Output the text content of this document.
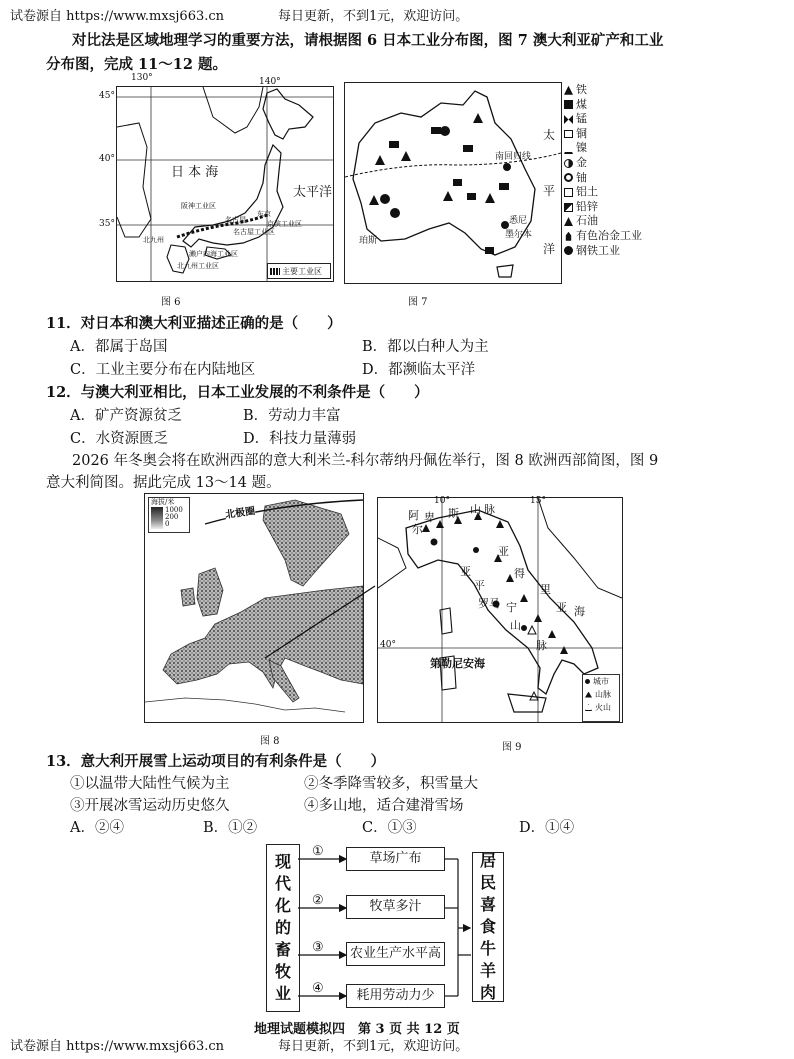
试卷源自 https://www.mxsj663.cn	每日更新，不到1元，欢迎访问。
对比法是区域地理学习的重要方法，请根据图 6 日本工业分布图，图 7 澳大利亚矿产和工业
分布图，完成 11～12 题。
130°	140°
45°
40°
35°
日 本 海
太平洋
阪神工业区
名古屋
东京
北九州
濑户内海工业区
北九州工业区
名古屋工业区
京滨工业区
主要工业区
图 6
南回归线
太
平
洋
悉尼
墨尔本
珀斯
铁
煤
锰
铜
镍
金
铀
铝土
铅锌
石油
有色冶金工业
钢铁工业
图 7
11．对日本和澳大利亚描述正确的是（　　）
A．都属于岛国	B．都以白种人为主
C．工业主要分布在内陆地区	D．都濒临太平洋
12．与澳大利亚相比，日本工业发展的不利条件是（　　）
A．矿产资源贫乏	B．劳动力丰富
C．水资源匮乏	D．科技力量薄弱
2026 年冬奥会将在欧洲西部的意大利米兰-科尔蒂纳丹佩佐举行，图 8 欧洲西部简图，图 9
意大利简图。据此完成 13～14 题。
海拔/米
1000
200
0
北极圈
图 8
10°	15°
40°
阿
尔
卑 斯 山 脉
亚
平
宁
山
脉
亚
得
里
亚 海
罗马
第勒尼安海
城市
山脉
火山
图 9
13．意大利开展雪上运动项目的有利条件是（　　）
①以温带大陆性气候为主	②冬季降雪较多，积雪量大
③开展冰雪运动历史悠久	④多山地，适合建滑雪场
A．②④	B．①②	C．①③	D．①④
现
代
化
的
畜
牧
业
①
②
③
④
草场广布
牧草多汁
农业生产水平高
耗用劳动力少
居
民
喜
食
牛
羊
肉
地理试题模拟四　第 3 页 共 12 页
试卷源自 https://www.mxsj663.cn	每日更新，不到1元，欢迎访问。
